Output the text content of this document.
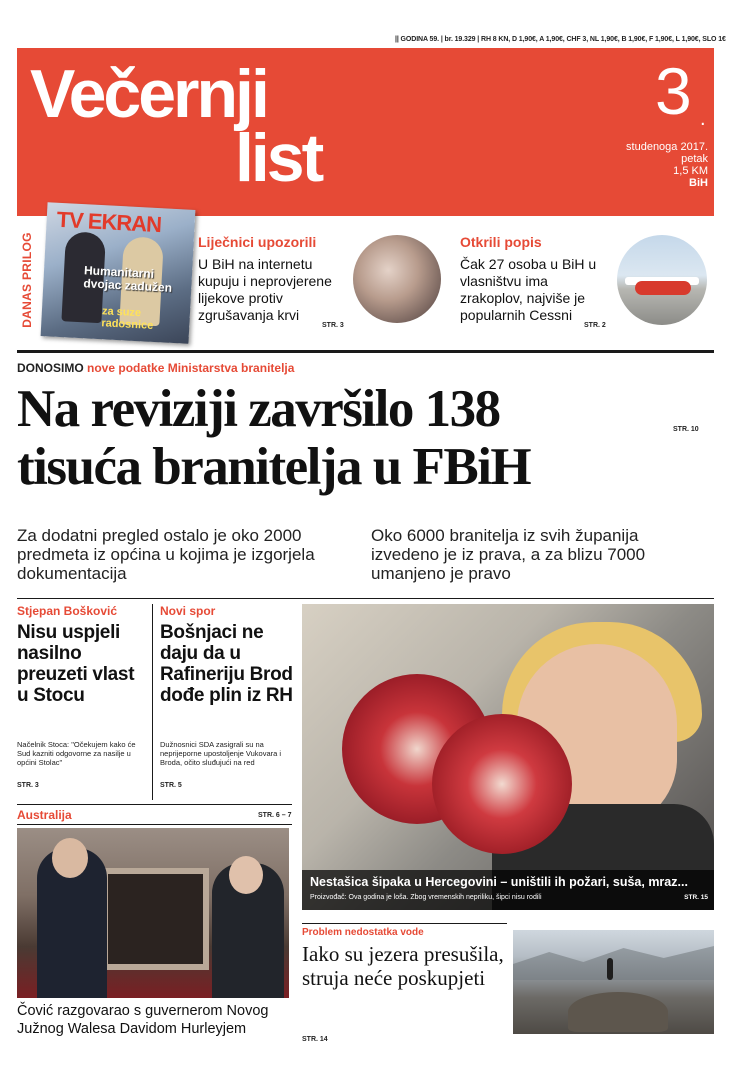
|| GODINA 59. | br. 19.329 | RH 8 KN, D 1,90€, A 1,90€, CHF 3, NL 1,90€, B 1,90€, F 1,90€, L 1,90€, SLO 1€
Večernji
list
3 .
studenoga 2017.
petak
1,5 KM
BiH
DANAS PRILOG
TV EKRAN
Humanitarni dvojac zadužen
za suze radosnice
Liječnici upozorili
U BiH na internetu kupuju i neprovjerene lijekove protiv zgrušavanja krvi
STR. 3
Otkrili popis
Čak 27 osoba u BiH u vlasništvu ima zrakoplov, najviše je popularnih Cessni
STR. 2
DONOSIMO nove podatke Ministarstva branitelja
Na reviziji završilo 138
tisuća branitelja u FBiH
STR. 10
Za dodatni pregled ostalo je oko 2000 predmeta iz općina u kojima je izgorjela dokumentacija
Oko 6000 branitelja iz svih županija izvedeno je iz prava, a za blizu 7000 umanjeno je pravo
Stjepan Bošković
Nisu uspjeli nasilno preuzeti vlast u Stocu
Načelnik Stoca: "Očekujem kako će Sud kazniti odgovorne za nasilje u općini Stolac"
STR. 3
Novi spor
Bošnjaci ne daju da u Rafineriju Brod dođe plin iz RH
Dužnosnici SDA zasigrali su na neprijeporne upostoljenje Vukovara i Broda, očito sluđujući na red
STR. 5
Nestašica šipaka u Hercegovini – uništili ih požari, suša, mraz...
Proizvođač: Ova godina je loša. Zbog vremenskih nepriliku, šipci nisu rodili	STR. 15
Australija	STR. 6 – 7
Čović razgovarao s guvernerom Novog Južnog Walesa Davidom Hurleyjem
Problem nedostatka vode
Iako su jezera presušila, struja neće poskupjeti
STR. 14
